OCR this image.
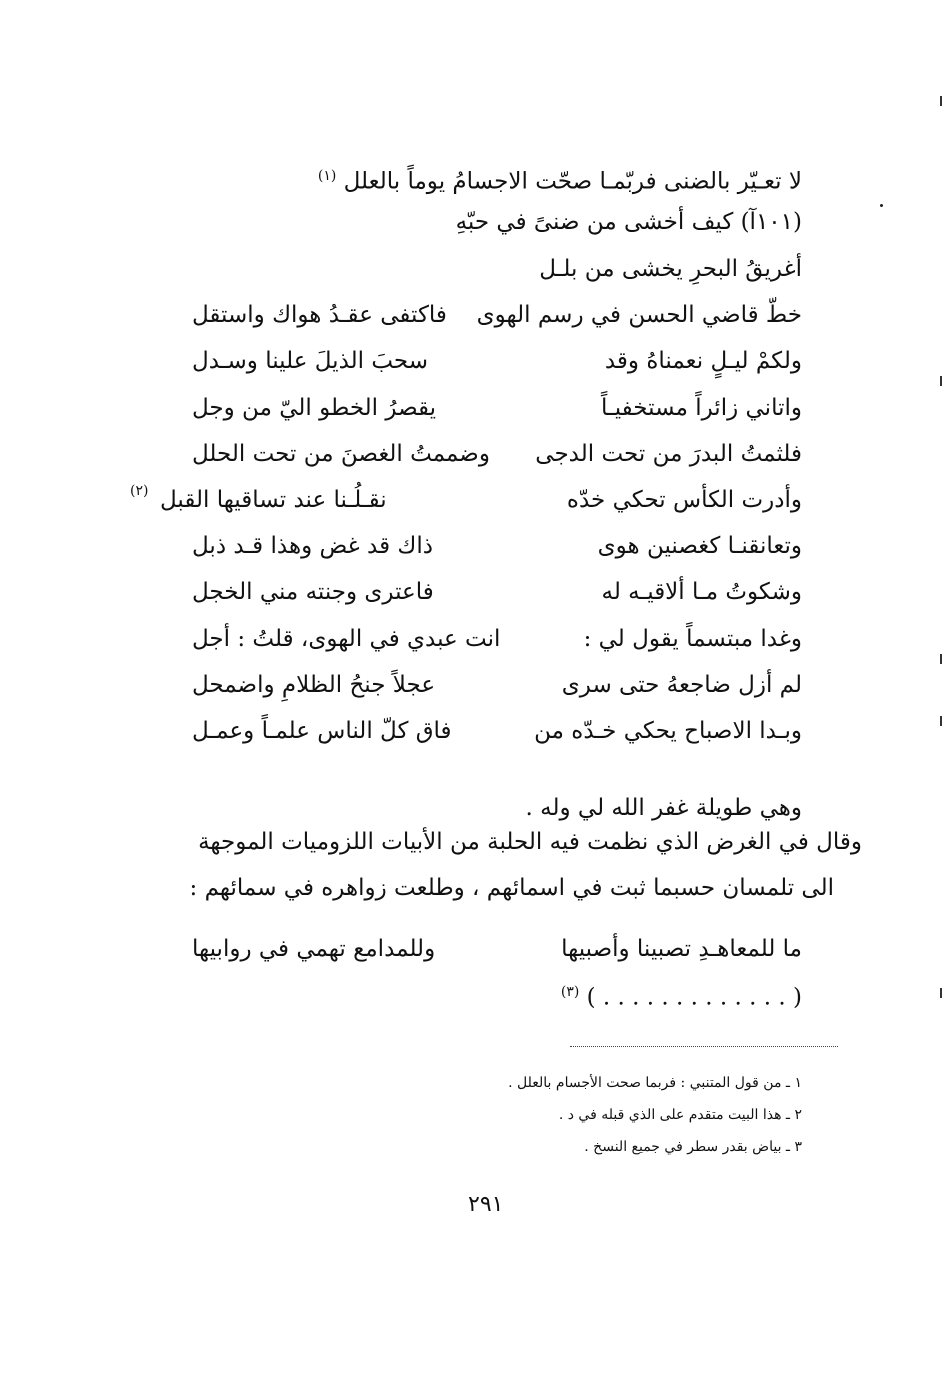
لا تعـيّر بالضنى فربّمـا صحّت الاجسامُ يوماً بالعلل $^{(١)}$
(١٠١آ) كيف أخشى من ضنىً في حبّهِ
أغريقُ البحرِ يخشى من بلـل
خطّ قاضي الحسن في رسم الهوى
فاكتفى عقـدُ هواك واستقل
ولكمْ ليـلٍ نعمناهُ وقد
سحبَ الذيلَ علينا وسـدل
واتاني زائراً مستخفيـاً
يقصرُ الخطو اليّ من وجل
فلثمتُ البدرَ من تحت الدجى
وضممتُ الغصنَ من تحت الحلل
وأدرت الكأس تحكي خدّه
نقـلُـنا عند تساقيها القبل
(٢)
وتعانقنـا كغصنين هوى
ذاك قد غض وهذا قـد ذبل
وشكوتُ مـا ألاقيـه له
فاعترى وجنته مني الخجل
وغدا مبتسماً يقول لي :
انت عبدي في الهوى، قلتُ : أجل
لم أزل ضاجعهُ حتى سرى
عجلاً جنحُ الظلامِ واضمحل
وبـدا الاصباح يحكي خـدّه من
فاق كلّ الناس علمـاً وعمـل
وهي طويلة غفر الله لي وله .
وقال في الغرض الذي نظمت فيه الحلبة من الأبيات اللزوميات الموجهة
الى تلمسان حسبما ثبت في اسمائهم ، وطلعت زواهره في سمائهم :
ما للمعاهـدِ تصبينا وأصبيها
وللمدامع تهمي في روابيها
( . . . . . . . . . . . . . ) $^{(٣)}$
١ ـ من قول المتنبي : فربما صحت الأجسام بالعلل .
٢ ـ هذا البيت متقدم على الذي قبله في د .
٣ ـ بياض بقدر سطر في جميع النسخ .
٢٩١
